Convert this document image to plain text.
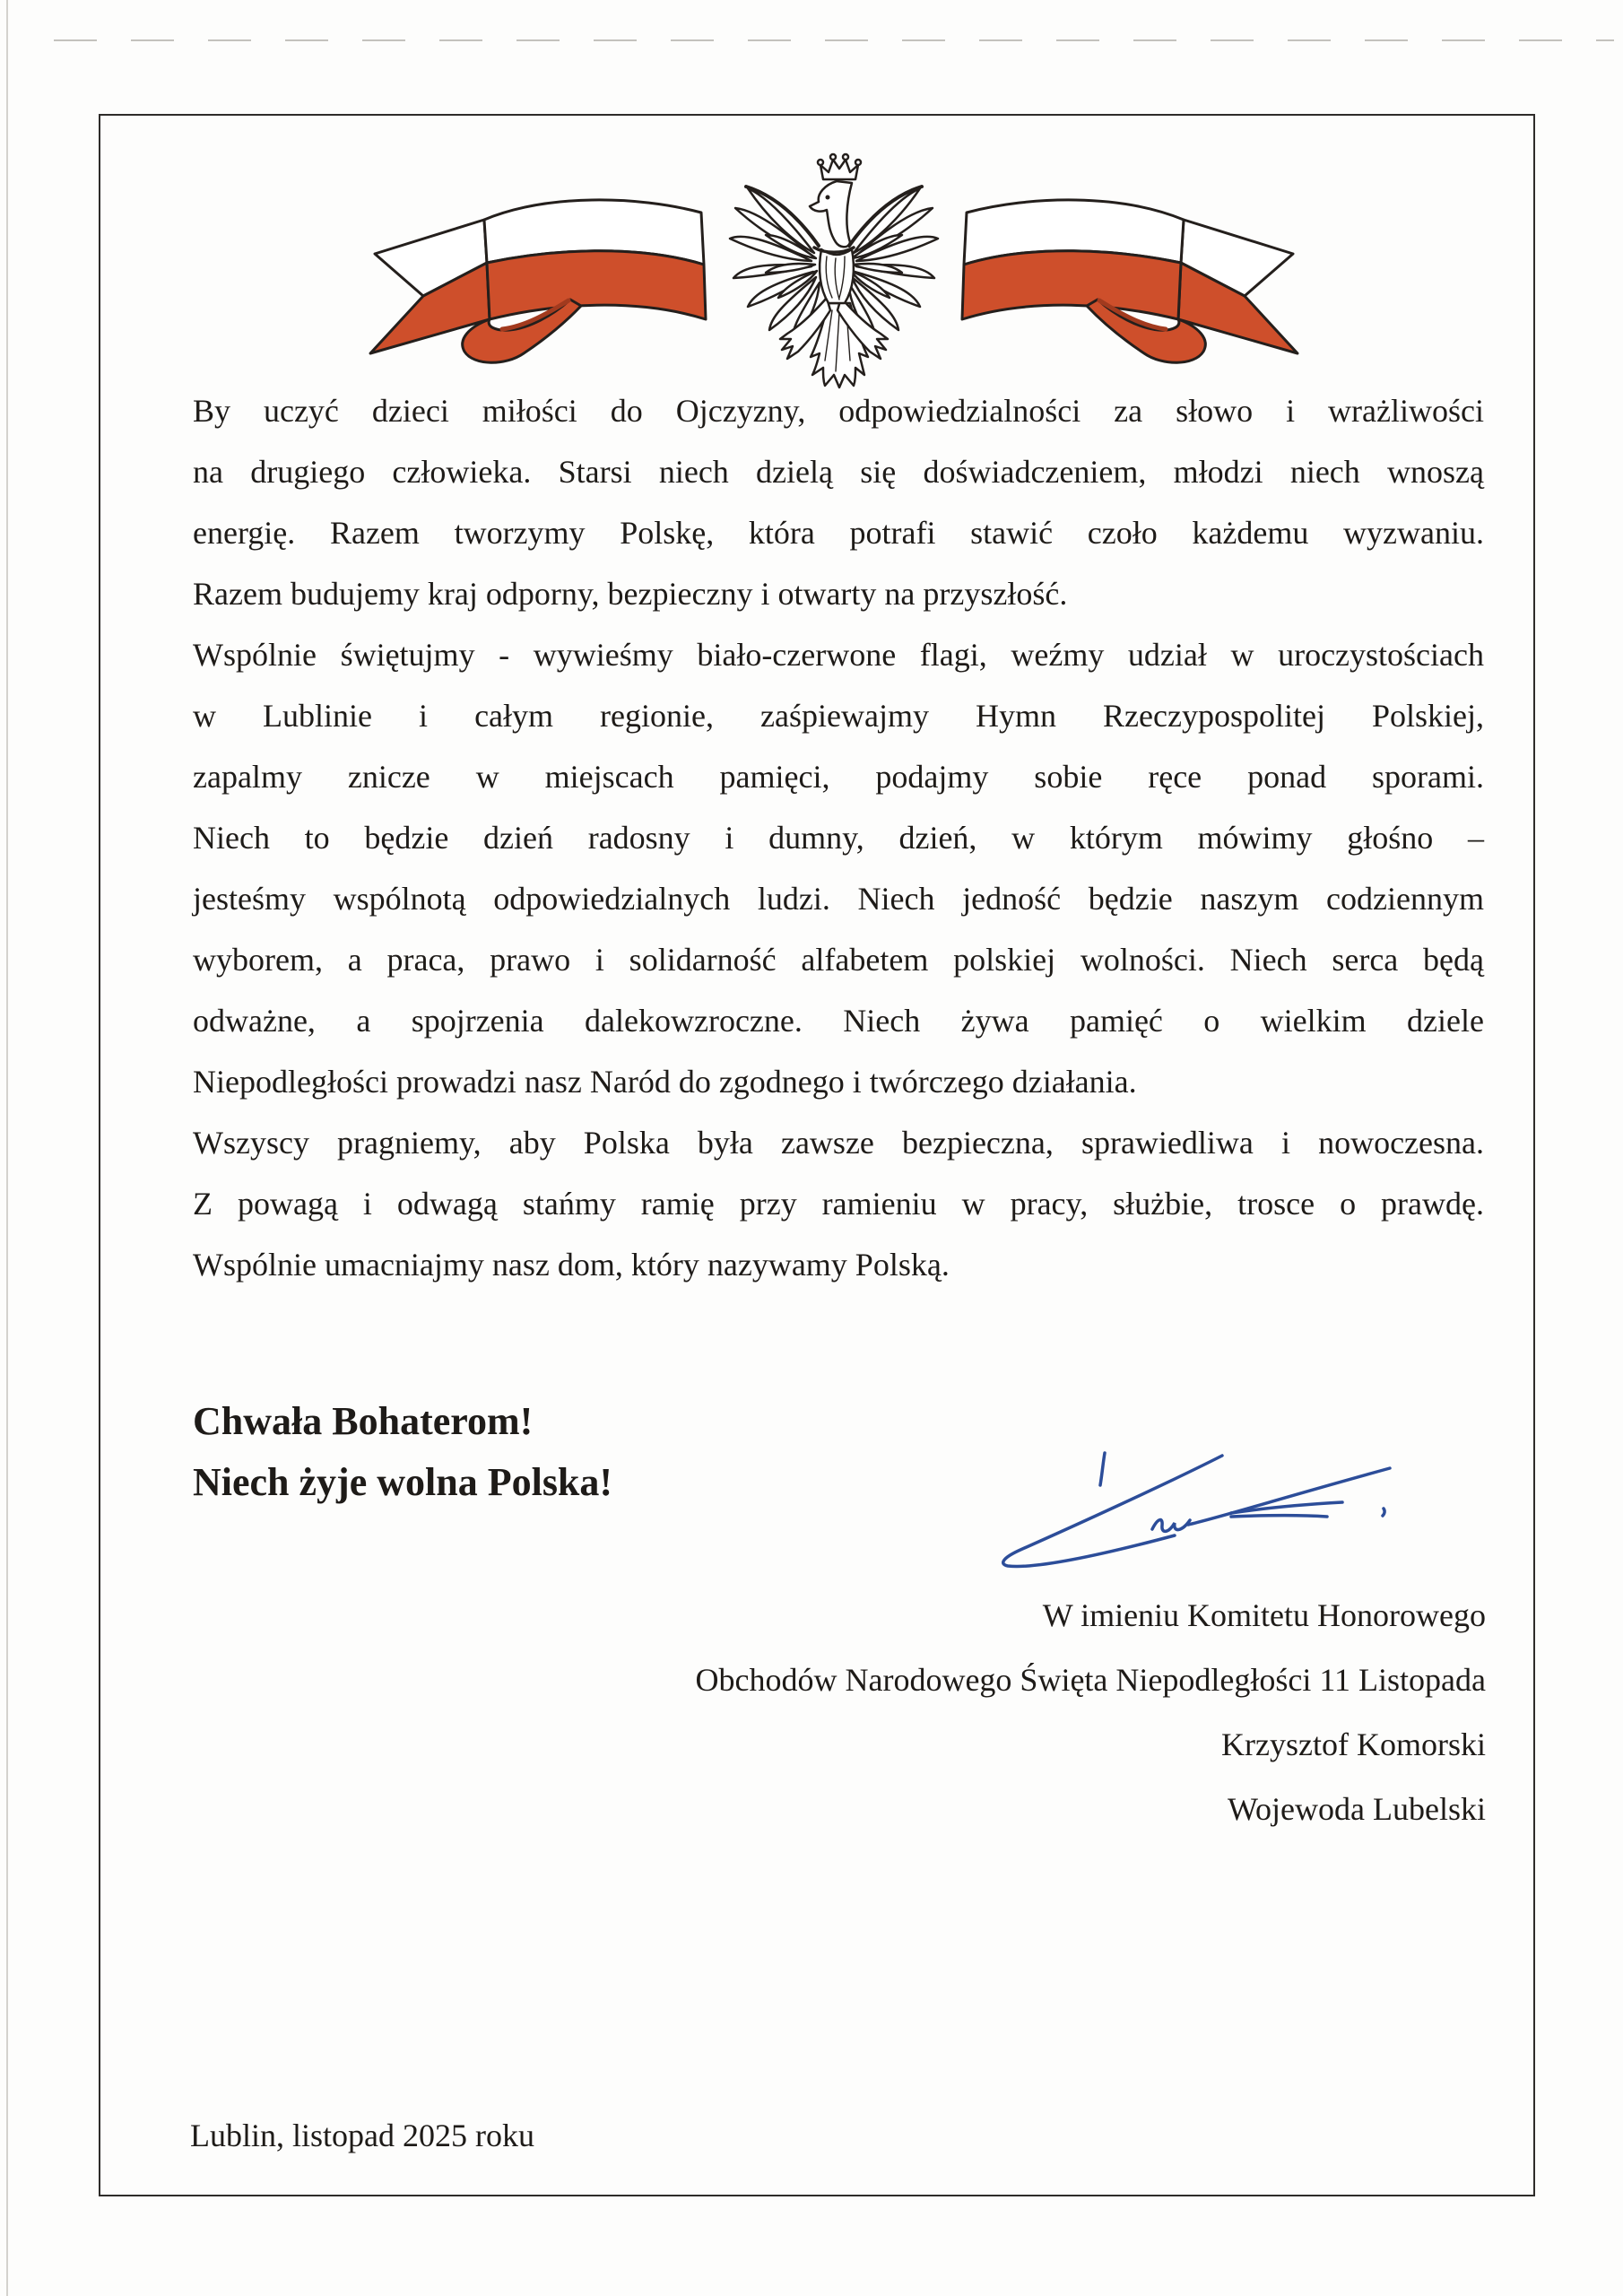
By uczyć dzieci miłości do Ojczyzny, odpowiedzialności za słowo i wrażliwości
na drugiego człowieka. Starsi niech dzielą się doświadczeniem, młodzi niech wnoszą
energię. Razem tworzymy Polskę, która potrafi stawić czoło każdemu wyzwaniu.
Razem budujemy kraj odporny, bezpieczny i otwarty na przyszłość.
Wspólnie świętujmy - wywieśmy biało-czerwone flagi, weźmy udział w uroczystościach
w Lublinie i całym regionie, zaśpiewajmy Hymn Rzeczypospolitej Polskiej,
zapalmy znicze w miejscach pamięci, podajmy sobie ręce ponad sporami.
Niech to będzie dzień radosny i dumny, dzień, w którym mówimy głośno –
jesteśmy wspólnotą odpowiedzialnych ludzi. Niech jedność będzie naszym codziennym
wyborem, a praca, prawo i solidarność alfabetem polskiej wolności. Niech serca będą
odważne, a spojrzenia dalekowzroczne. Niech żywa pamięć o wielkim dziele
Niepodległości prowadzi nasz Naród do zgodnego i twórczego działania.
Wszyscy pragniemy, aby Polska była zawsze bezpieczna, sprawiedliwa i nowoczesna.
Z powagą i odwagą stańmy ramię przy ramieniu w pracy, służbie, trosce o prawdę.
Wspólnie umacniajmy nasz dom, który nazywamy Polską.
Chwała Bohaterom!
Niech żyje wolna Polska!
W imieniu Komitetu Honorowego
Obchodów Narodowego Święta Niepodległości 11 Listopada
Krzysztof Komorski
Wojewoda Lubelski
Lublin, listopad 2025 roku
